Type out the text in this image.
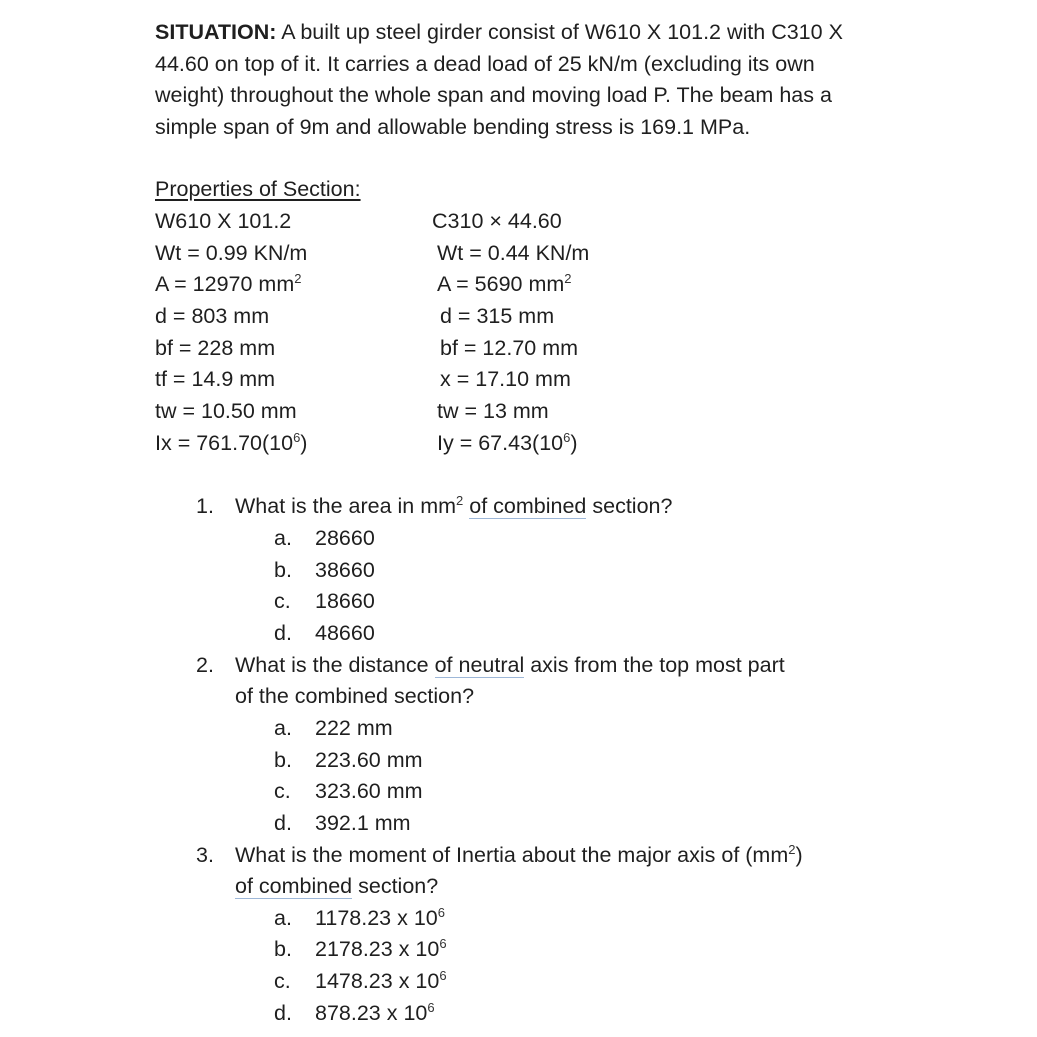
SITUATION: A built up steel girder consist of W610 X 101.2 with C310 X 44.60 on top of it. It carries a dead load of 25 kN/m (excluding its own weight) throughout the whole span and moving load P. The beam has a simple span of 9m and allowable bending stress is 169.1 MPa.
Properties of Section:
W610 X 101.2	C310 × 44.60
Wt = 0.99 KN/m
A = 12970 $mm^2$
d = 803 mm
bf = 228 mm
tf = 14.9 mm
tw = 10.50 mm
$Ix = 761.70(10^6)$
Wt = 0.44 KN/m
A = 5690 $mm^2$
d = 315 mm
bf = 12.70 mm
x = 17.10 mm
tw = 13 mm
$Iy = 67.43(10^6)$
1. What is the area in $mm^2$ of combined section?
a. 28660
b. 38660
c. 18660
d. 48660
2. What is the distance of neutral axis from the top most part
of the combined section?
a. 222 mm
b. 223.60 mm
c. 323.60 mm
d. 392.1 mm
3. What is the moment of Inertia about the major axis of $(mm^2)$
of combined section?
a. 1178.23 x $10^6$
b. 2178.23 x $10^6$
c. 1478.23 x $10^6$
d. 878.23 x $10^6$
